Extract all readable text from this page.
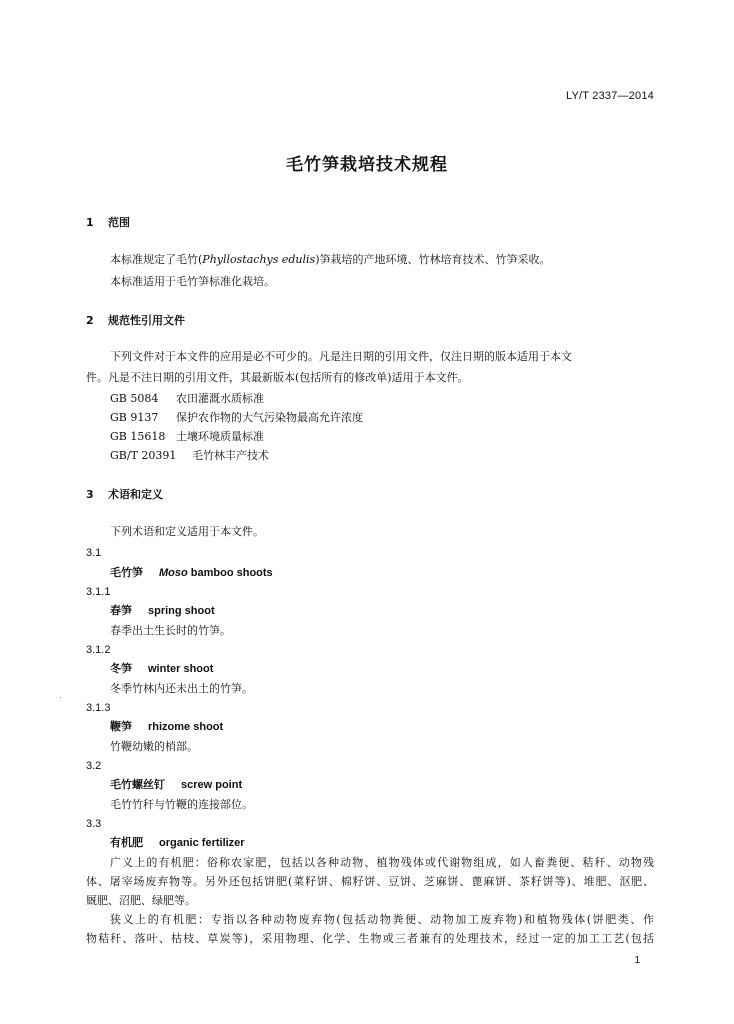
LY/T 2337—2014
毛竹笋栽培技术规程
1 范围
本标准规定了毛竹(Phyllostachys edulis)笋栽培的产地环境、竹林培育技术、竹笋采收。
本标准适用于毛竹笋标准化栽培。
2 规范性引用文件
下列文件对于本文件的应用是必不可少的。凡是注日期的引用文件，仅注日期的版本适用于本文
件。凡是不注日期的引用文件，其最新版本(包括所有的修改单)适用于本文件。
GB 5084 农田灌溉水质标准
GB 9137 保护农作物的大气污染物最高允许浓度
GB 15618 土壤环境质量标准
GB/T 20391 毛竹林丰产技术
3 术语和定义
下列术语和定义适用于本文件。
3.1
毛竹笋 Moso bamboo shoots
3.1.1
春笋 spring shoot
春季出土生长时的竹笋。
3.1.2
冬笋 winter shoot
冬季竹林内还未出土的竹笋。
3.1.3
鞭笋 rhizome shoot
竹鞭幼嫩的梢部。
3.2
毛竹螺丝钉 screw point
毛竹竹秆与竹鞭的连接部位。
3.3
有机肥 organic fertilizer
广义上的有机肥：俗称农家肥，包括以各种动物、植物残体或代谢物组成，如人畜粪便、秸秆、动物残
体、屠宰场废弃物等。另外还包括饼肥(菜籽饼、棉籽饼、豆饼、芝麻饼、蓖麻饼、茶籽饼等)、堆肥、沤肥、
厩肥、沼肥、绿肥等。
狭义上的有机肥：专指以各种动物废弃物(包括动物粪便、动物加工废弃物)和植物残体(饼肥类、作
物秸秆、落叶、枯枝、草炭等)，采用物理、化学、生物或三者兼有的处理技术，经过一定的加工工艺(包括
1
